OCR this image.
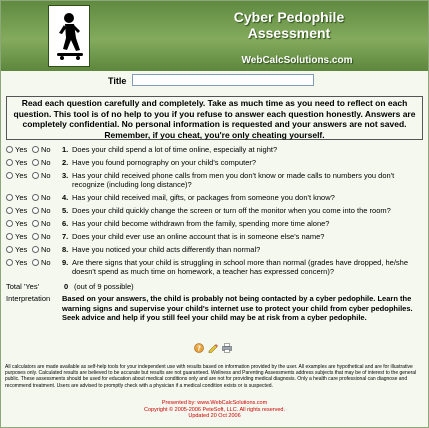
Cyber Pedophile
Assessment
WebCalcSolutions.com
Title
Read each question carefully and completely. Take as much time as you need to reflect on each question. This tool is of no help to you if you refuse to answer each question honestly. Answers are completely confidential. No personal information is requested and your answers are not saved. Remember, if you cheat, you're only cheating yourself.
Yes No 1. Does your child spend a lot of time online, especially at night?
Yes No 2. Have you found pornography on your child's computer?
Yes No 3. Has your child received phone calls from men you don't know or made calls to numbers you don't recognize (including long distance)?
Yes No 4. Has your child received mail, gifts, or packages from someone you don't know?
Yes No 5. Does your child quickly change the screen or turn off the monitor when you come into the room?
Yes No 6. Has your child become withdrawn from the family, spending more time alone?
Yes No 7. Does your child ever use an online account that is in someone else's name?
Yes No 8. Have you noticed your child acts differently than normal?
Yes No 9. Are there signs that your child is struggling in school more than normal (grades have dropped, he/she doesn't spend as much time on homework, a teacher has expressed concern)?
Total 'Yes'	0 (out of 9 possible)
Interpretation Based on your answers, the child is probably not being contacted by a cyber pedophile. Learn the warning signs and supervise your child's internet use to protect your child from cyber pedophiles. Seek advice and help if you still feel your child may be at risk from a cyber pedophile.
?
All calculators are made available as self-help tools for your independent use with results based on information provided by the user. All examples are hypothetical and are for illustrative purposes only. Calculated results are believed to be accurate but results are not guaranteed. Wellness and Parenting Assessments address subjects that may be of interest to the general public. These assessments should be used for education about medical conditions only and are not for providing medical diagnosis. Only a health care professional can diagnose and recommend treatment. Users are advised to promptly check with a physician if a medical condition exists or is suspected.
Presented by: www.WebCalcSolutions.com
Copyright © 2005-2006 PeteSoft, LLC. All rights reserved.
Updated 20 Oct 2006
